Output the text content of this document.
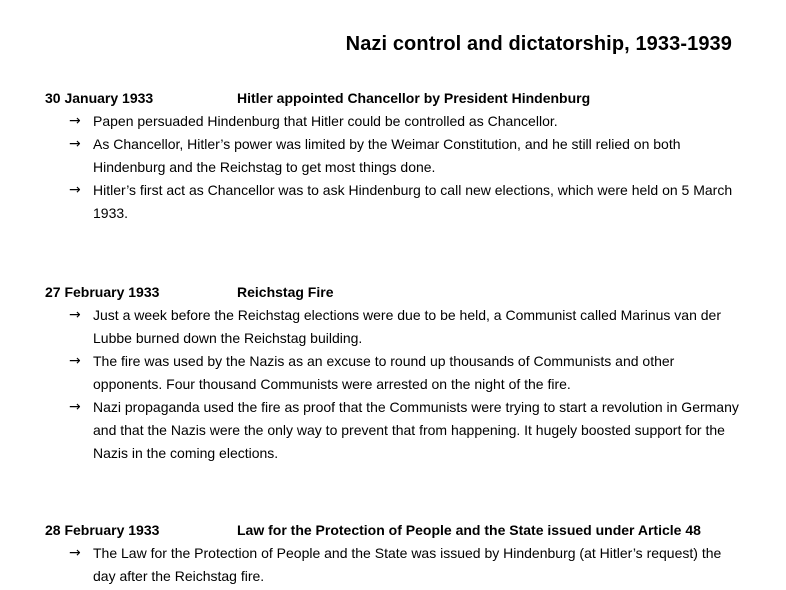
Nazi control and dictatorship, 1933-1939
30 January 1933	Hitler appointed Chancellor by President Hindenburg
→ Papen persuaded Hindenburg that Hitler could be controlled as Chancellor.
→ As Chancellor, Hitler’s power was limited by the Weimar Constitution, and he still relied on both Hindenburg and the Reichstag to get most things done.
→ Hitler’s first act as Chancellor was to ask Hindenburg to call new elections, which were held on 5 March 1933.
27 February 1933	Reichstag Fire
→ Just a week before the Reichstag elections were due to be held, a Communist called Marinus van der Lubbe burned down the Reichstag building.
→ The fire was used by the Nazis as an excuse to round up thousands of Communists and other opponents. Four thousand Communists were arrested on the night of the fire.
→ Nazi propaganda used the fire as proof that the Communists were trying to start a revolution in Germany and that the Nazis were the only way to prevent that from happening. It hugely boosted support for the Nazis in the coming elections.
28 February 1933	Law for the Protection of People and the State issued under Article 48
→ The Law for the Protection of People and the State was issued by Hindenburg (at Hitler’s request) the day after the Reichstag fire.
